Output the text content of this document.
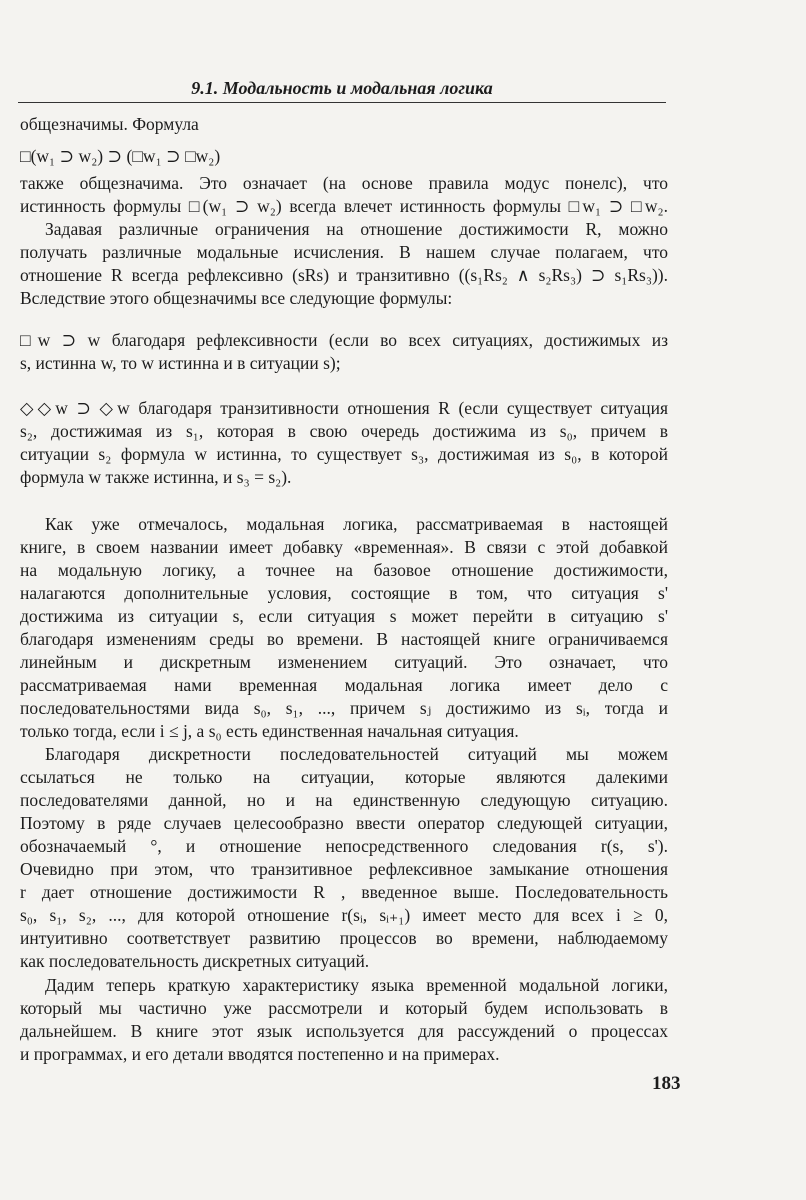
9.1. Модальность и модальная логика
общезначимы. Формула
□(w₁ ⊃ w₂) ⊃ (□w₁ ⊃ □w₂)
также общезначима. Это означает (на основе правила модус понелс), что
истинность формулы □(w₁ ⊃ w₂) всегда влечет истинность формулы □w₁ ⊃ □w₂.
Задавая различные ограничения на отношение достижимости R, можно
получать различные модальные исчисления. В нашем случае полагаем, что
отношение R всегда рефлексивно (sRs) и транзитивно ((s₁Rs₂ ∧ s₂Rs₃) ⊃ s₁Rs₃)).
Вследствие этого общезначимы все следующие формулы:
□w ⊃ w благодаря рефлексивности (если во всех ситуациях, достижимых из
s, истинна w, то w истинна и в ситуации s);
◇◇w ⊃ ◇w благодаря транзитивности отношения R (если существует ситуация
s₂, достижимая из s₁, которая в свою очередь достижима из s₀, причем в
ситуации s₂ формула w истинна, то существует s₃, достижимая из s₀, в которой
формула w также истинна, и s₃ = s₂).
Как уже отмечалось, модальная логика, рассматриваемая в настоящей
книге, в своем названии имеет добавку «временная». В связи с этой добавкой
на модальную логику, а точнее на базовое отношение достижимости,
налагаются дополнительные условия, состоящие в том, что ситуация s'
достижима из ситуации s, если ситуация s может перейти в ситуацию s'
благодаря изменениям среды во времени. В настоящей книге ограничиваемся
линейным и дискретным изменением ситуаций. Это означает, что
рассматриваемая нами временная модальная логика имеет дело с
последовательностями вида s₀, s₁, ..., причем sⱼ достижимо из sᵢ, тогда и
только тогда, если i ≤ j, а s₀ есть единственная начальная ситуация.
Благодаря дискретности последовательностей ситуаций мы можем
ссылаться не только на ситуации, которые являются далекими
последователями данной, но и на единственную следующую ситуацию.
Поэтому в ряде случаев целесообразно ввести оператор следующей ситуации,
обозначаемый °, и отношение непосредственного следования r(s, s').
Очевидно при этом, что транзитивное рефлексивное замыкание отношения
r дает отношение достижимости R , введенное выше. Последовательность
s₀, s₁, s₂, ..., для которой отношение r(sᵢ, sᵢ₊₁) имеет место для всех i ≥ 0,
интуитивно соответствует развитию процессов во времени, наблюдаемому
как последовательность дискретных ситуаций.
Дадим теперь краткую характеристику языка временной модальной логики,
который мы частично уже рассмотрели и который будем использовать в
дальнейшем. В книге этот язык используется для рассуждений о процессах
и программах, и его детали вводятся постепенно и на примерах.
183
